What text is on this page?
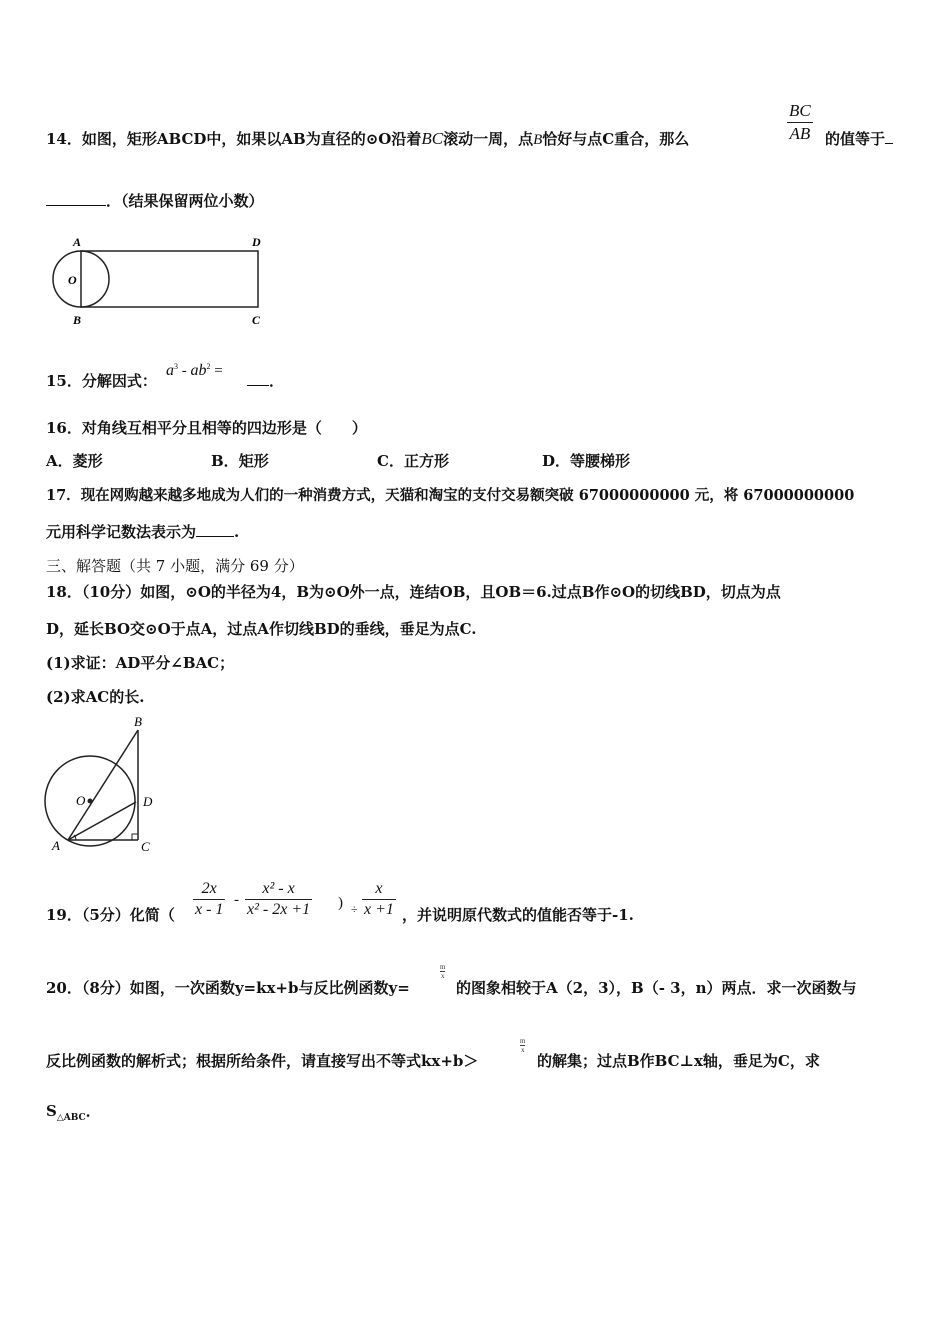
BC
AB
14．如图，矩形ABCD中，如果以AB为直径的⊙O沿着BC滚动一周，点B恰好与点C重合，那么	的值等于
．（结果保留两位小数）
A	D
O
B	C
15．分解因式：
$a^3 - ab^2$ =
．
16．对角线互相平分且相等的四边形是（　　）
A．菱形	B．矩形	C．正方形	D．等腰梯形
17．现在网购越来越多地成为人们的一种消费方式，天猫和淘宝的支付交易额突破 67000000000 元，将 67000000000
元用科学记数法表示为	.
三、解答题（共 7 小题，满分 69 分）
18．（10分）如图，⊙O的半径为4，B为⊙O外一点，连结OB，且OB＝6.过点B作⊙O的切线BD，切点为点
D，延长BO交⊙O于点A，过点A作切线BD的垂线，垂足为点C.
(1)求证：AD平分∠BAC；
(2)求AC的长.
B
O	D
A	C
19．（5分）化简（
2x
x - 1
-
x² - x
x² - 2x +1 ) ÷
x
x +1 ，并说明原代数式的值能否等于-1.
20．（8分）如图，一次函数y=kx+b与反比例函数y=
m
x
的图象相较于A（2，3），B（- 3，n）两点．求一次函数与
反比例函数的解析式；根据所给条件，请直接写出不等式kx+b＞
m
x
的解集；过点B作BC⊥x轴，垂足为C，求
$S_{\triangle ABC}$．
